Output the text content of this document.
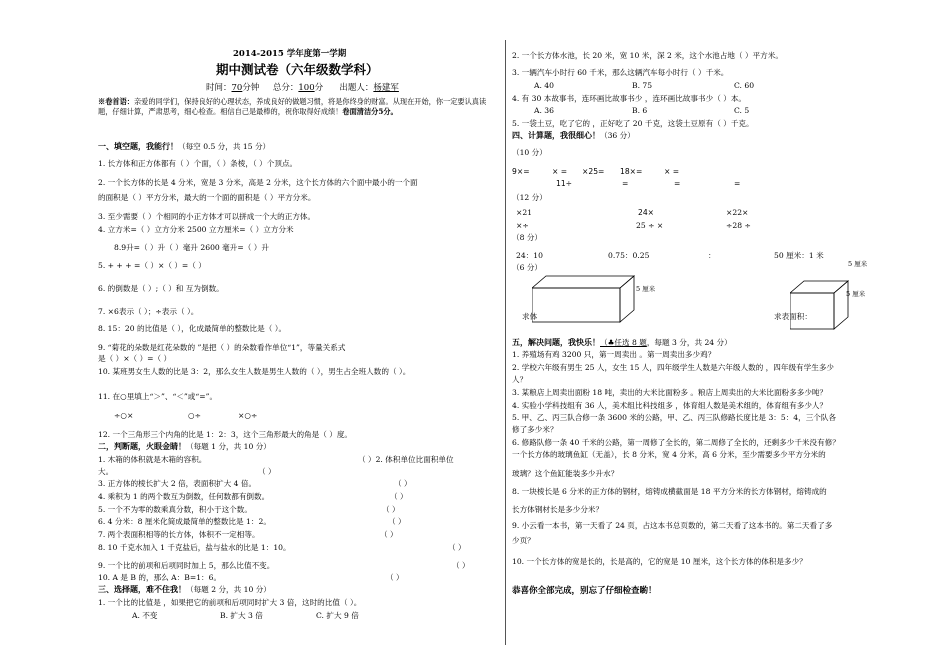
2014-2015 学年度第一学期
期中测试卷（六年级数学科）
时间：70分钟 总分：100分 出题人：杨建军
※卷首语：亲爱的同学们，保持良好的心理状态，养成良好的做题习惯，将是你终身的财富。从现在开始，你一定要认真读题，仔细计算，严肃思考，细心检查。相信自己是最棒的，祝你取得好成绩！卷面清洁分5分。
一、填空题，我能行！（每空 0.5 分，共 15 分）
1. 长方体和正方体都有（ ）个面，（ ）条棱，（ ）个顶点。
2. 一个长方体的长是 4 分米，宽是 3 分米，高是 2 分米，这个长方体的六个面中最小的一个面
的面积是（ ）平方分米，最大的一个面的面积是（ ）平方分米。
3. 至少需要（ ）个相同的小正方体才可以拼成一个大的正方体。
4. 立方米=（ ）立方分米 2500 立方厘米=（ ）立方分米
8.9升=（ ）升（ ）毫升 2600 毫升=（ ）升
5. + + + =（ ）×（ ）=（ ）
6. 的倒数是（ ）;（ ）和 互为倒数。
7. ×6表示（ ）；÷表示（ ）。
8. 15：20 的比值是（ ），化成最简单的整数比是（ ）。
9. “菊花的朵数是红花朵数的 ”是把（ ）的朵数看作单位“1”，等量关系式
是（ ）×（ ）=（ ）
10. 某班男女生人数的比是 3：2，那么女生人数是男生人数的（ ），男生占全班人数的（ ）。
11. 在○里填上“＞”、“＜”或“=”。
÷○×	○÷	×○÷
12. 一个三角形三个内角的比是 1：2：3，这个三角形最大的角是（ ）度。
二，判断题，火眼金睛！（每题 1 分，共 10 分）
1. 木箱的体积就是木箱的容积。	（ ）2. 体积单位比面积单位
大。	（ ）
3. 正方体的棱长扩大 2 倍，表面积扩大 4 倍。	（ ）
4. 乘积为 1 的两个数互为倒数，任何数都有倒数。	（ ）
5. 一个不为零的数乘真分数，积小于这个数。	（ ）
6. 4 分米：8 厘米化简成最简单的整数比是 1：2。	（ ）
7. 两个表面积相等的长方体，体积不一定相等。	（ ）
8. 10 千克水加入 1 千克盐后，盐与盐水的比是 1：10。	（ ）
9. 一个比的前项和后项同时加上 5，那么比值不变。	（ ）
10. A 是 B 的，那么 A：B=1：6。	（ ）
三、选择题，难不住我！（每题 2 分，共 10 分）
1. 一个比的比值是 ，如果把它的前项和后项同时扩大 3 倍，这时的比值（ ）。
A. 不变	B. 扩大 3 倍	C. 扩大 9 倍
2. 一个长方体水池，长 20 米，宽 10 米，深 2 米，这个水池占地（ ）平方米。
3. 一辆汽车小时行 60 千米，那么这辆汽车每小时行（ ）千米。
A. 40	B. 75	C. 60
4. 有 30 本故事书，连环画比故事书少 ，连环画比故事书少（ ）本。
A. 36	B. 6	C. 5
5. 一袋土豆，吃了它的 ，正好吃了 20 千克，这袋土豆原有（ ）千克。
四、计算题，我很细心！（36 分）
（10 分）
9×=	× = ×25= 18×=	× =
11÷	=	=	=
（12 分）
×21	24×	×22×
×÷	25 ÷ ×	÷28 ÷
（8 分）
24：10	0.75：0.25	：	50 厘米：1 米
（6 分）
5 厘米
求体
5 厘米
5 厘米
求表面积：
五，解决问题，我快乐！（♣任选 8 题，每题 3 分，共 24 分）
1. 养殖场有鸡 3200 只，第一周卖出 。第一周卖出多少鸡？
2. 学校六年级有男生 25 人，女生 15 人，四年级学生人数是六年级人数的 ，四年级有学生多少
人？
3. 某粮店上周卖出面粉 18 吨，卖出的大米比面粉多 。粮店上周卖出的大米比面粉多多少吨？
4. 实验小学科技组有 36 人，美术组比科技组多 ，体育组人数是美术组的，体育组有多少人？
5. 甲、乙、丙三队合修一条 3600 米的公路，甲、乙、丙三队修路长度比是 3：5：4，三个队各
修了多少米？
6. 修路队修一条 40 千米的公路，第一周修了全长的，第二周修了全长的，还剩多少千米没有修？
一个长方体的玻璃鱼缸（无盖），长 8 分米，宽 4 分米，高 6 分米，至少需要多少平方分米的
玻璃？这个鱼缸能装多少升水？
8. 一块棱长是 6 分米的正方体的钢材，熔铸成横截面是 18 平方分米的长方体钢材，熔铸成的
长方体钢材长是多少分米？
9. 小云看一本书，第一天看了 24 页，占这本书总页数的，第二天看了这本书的。第二天看了多
少页？
10. 一个长方体的宽是长的，长是高的，它的宽是 10 厘米，这个长方体的体积是多少？
恭喜你全部完成，别忘了仔细检查喲！
